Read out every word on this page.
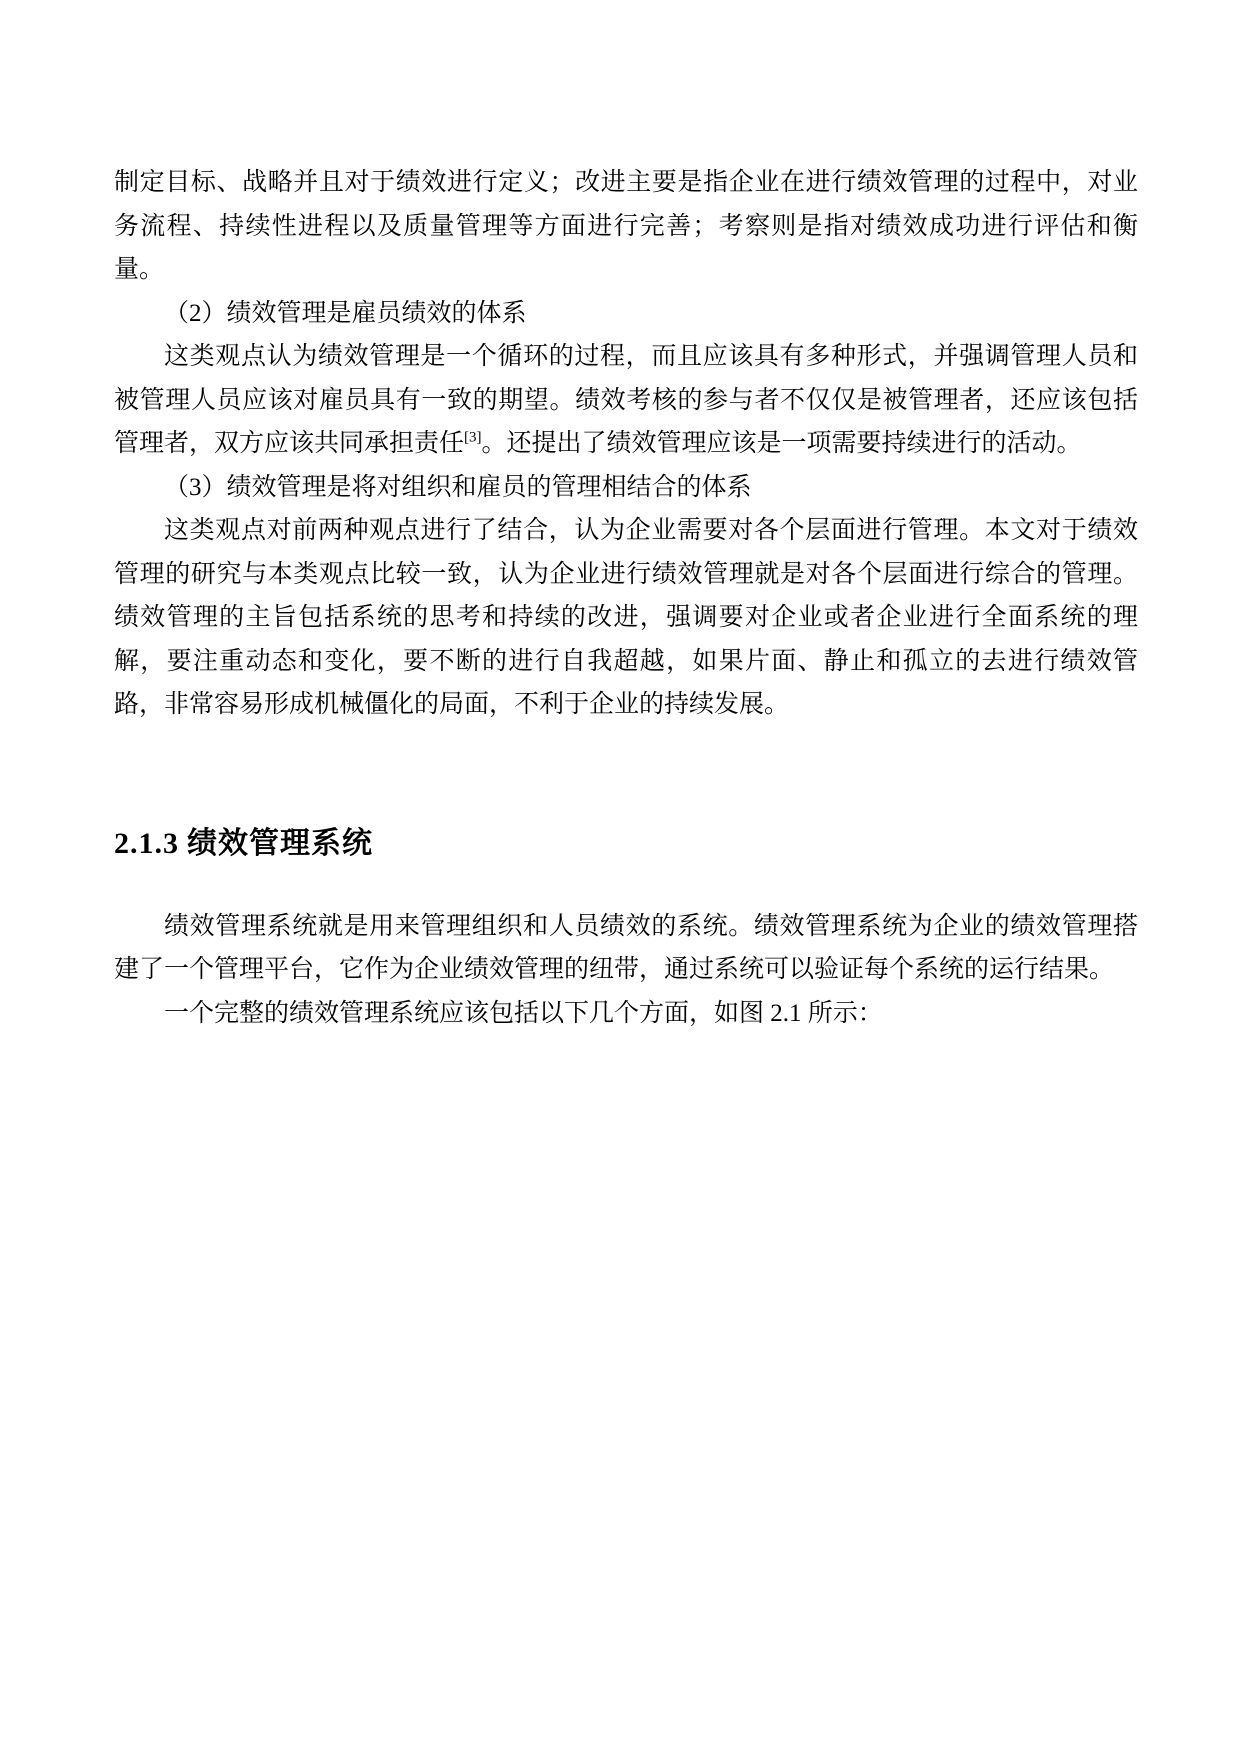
制定目标、战略并且对于绩效进行定义；改进主要是指企业在进行绩效管理的过程中，对业务流程、持续性进程以及质量管理等方面进行完善；考察则是指对绩效成功进行评估和衡量。

（2）绩效管理是雇员绩效的体系

这类观点认为绩效管理是一个循环的过程，而且应该具有多种形式，并强调管理人员和被管理人员应该对雇员具有一致的期望。绩效考核的参与者不仅仅是被管理者，还应该包括管理者，双方应该共同承担责任[3]。还提出了绩效管理应该是一项需要持续进行的活动。

（3）绩效管理是将对组织和雇员的管理相结合的体系

这类观点对前两种观点进行了结合，认为企业需要对各个层面进行管理。本文对于绩效管理的研究与本类观点比较一致，认为企业进行绩效管理就是对各个层面进行综合的管理。绩效管理的主旨包括系统的思考和持续的改进，强调要对企业或者企业进行全面系统的理解，要注重动态和变化，要不断的进行自我超越，如果片面、静止和孤立的去进行绩效管路，非常容易形成机械僵化的局面，不利于企业的持续发展。

2.1.3 绩效管理系统

绩效管理系统就是用来管理组织和人员绩效的系统。绩效管理系统为企业的绩效管理搭建了一个管理平台，它作为企业绩效管理的纽带，通过系统可以验证每个系统的运行结果。

一个完整的绩效管理系统应该包括以下几个方面，如图 2.1 所示：
